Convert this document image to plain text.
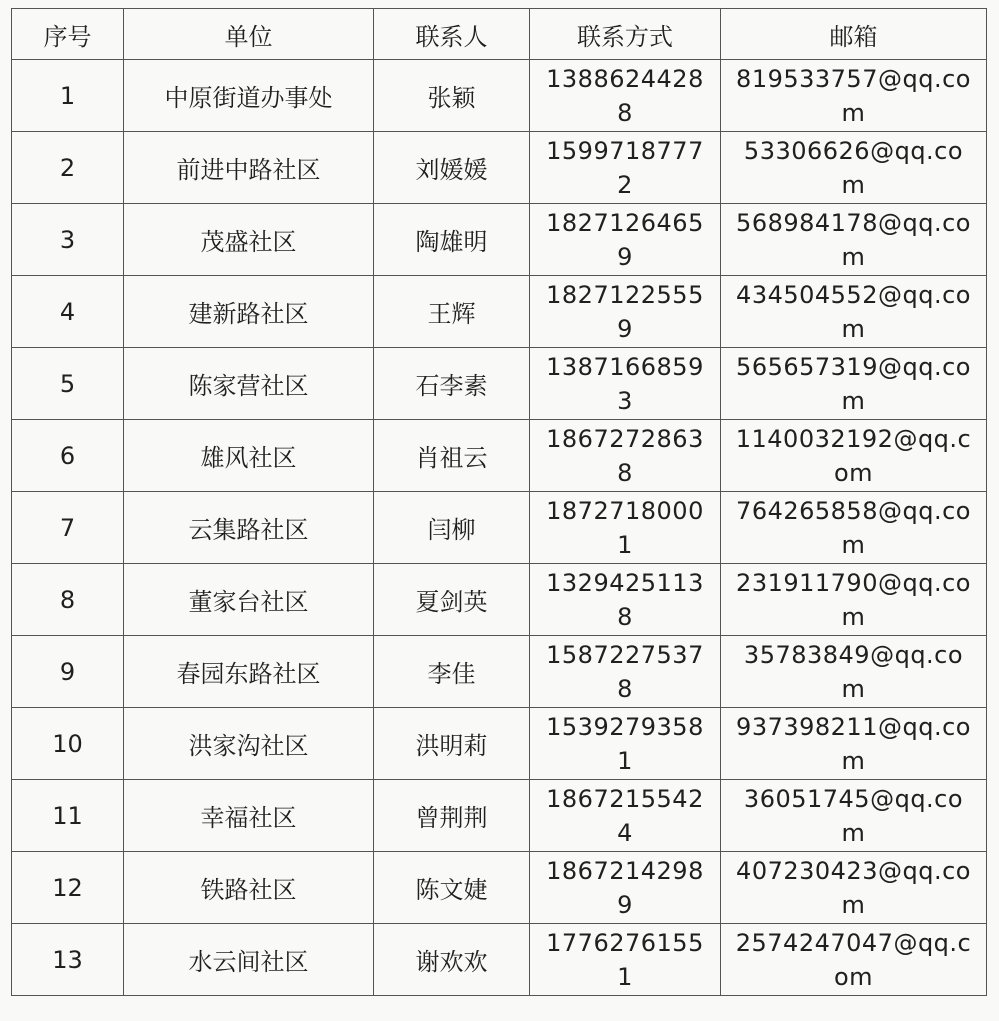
序号	单位	联系人	联系方式	邮箱
1	中原街道办事处	张颖	13886244288	819533757@qq.com

2	前进中路社区	刘媛媛	15997187772	53306626@qq.com

3	茂盛社区	陶雄明	18271264659	568984178@qq.com

4	建新路社区	王辉	18271225559	434504552@qq.com

5	陈家营社区	石李素	13871668593	565657319@qq.com

6	雄风社区	肖祖云	18672728638	1140032192@qq.com

7	云集路社区	闫柳	18727180001	764265858@qq.com

8	董家台社区	夏剑英	13294251138	231911790@qq.com

9	春园东路社区	李佳	15872275378	35783849@qq.com

10	洪家沟社区	洪明莉	15392793581	937398211@qq.com

11	幸福社区	曾荆荆	18672155424	36051745@qq.com

12	铁路社区	陈文婕	18672142989	407230423@qq.com

13	水云间社区	谢欢欢	17762761551	2574247047@qq.com
